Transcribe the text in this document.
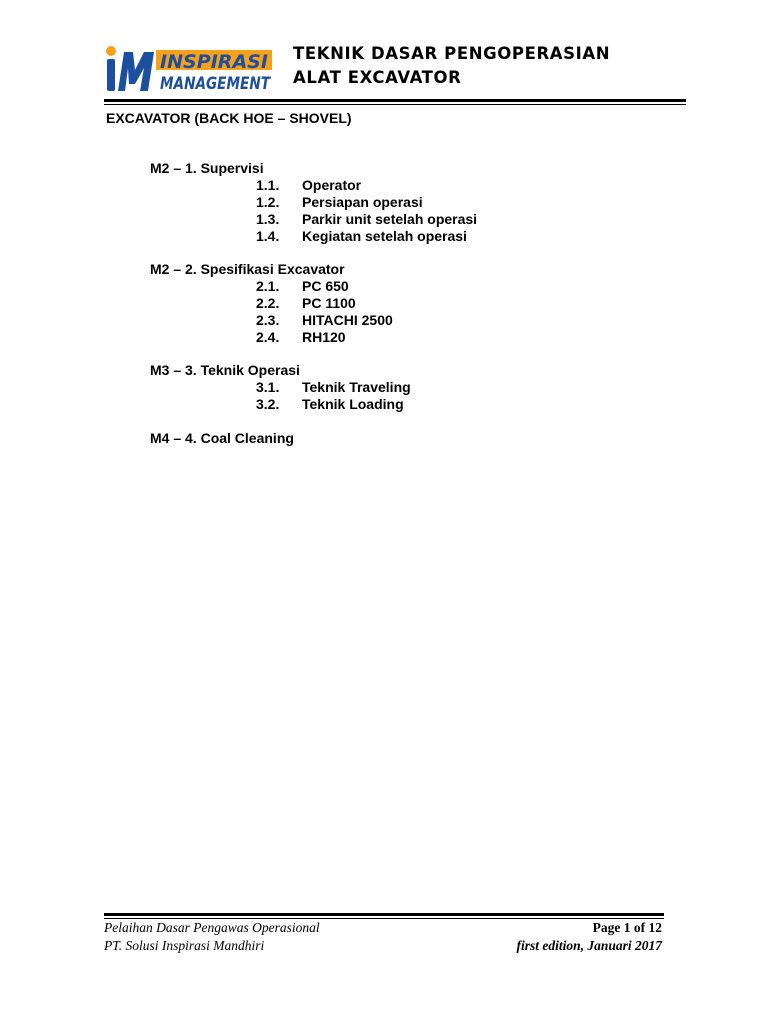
INSPIRASI
MANAGEMENT
TEKNIK DASAR PENGOPERASIAN
ALAT EXCAVATOR
EXCAVATOR (BACK HOE – SHOVEL)
M2 – 1. Supervisi
1.1. Operator
1.2. Persiapan operasi
1.3. Parkir unit setelah operasi
1.4. Kegiatan setelah operasi
M2 – 2. Spesifikasi Excavator
2.1. PC 650
2.2. PC 1100
2.3. HITACHI 2500
2.4. RH120
M3 – 3. Teknik Operasi
3.1. Teknik Traveling
3.2. Teknik Loading
M4 – 4. Coal Cleaning
Pelaihan Dasar Pengawas Operasional
PT. Solusi Inspirasi Mandhiri
Page 1 of 12
first edition, Januari 2017
